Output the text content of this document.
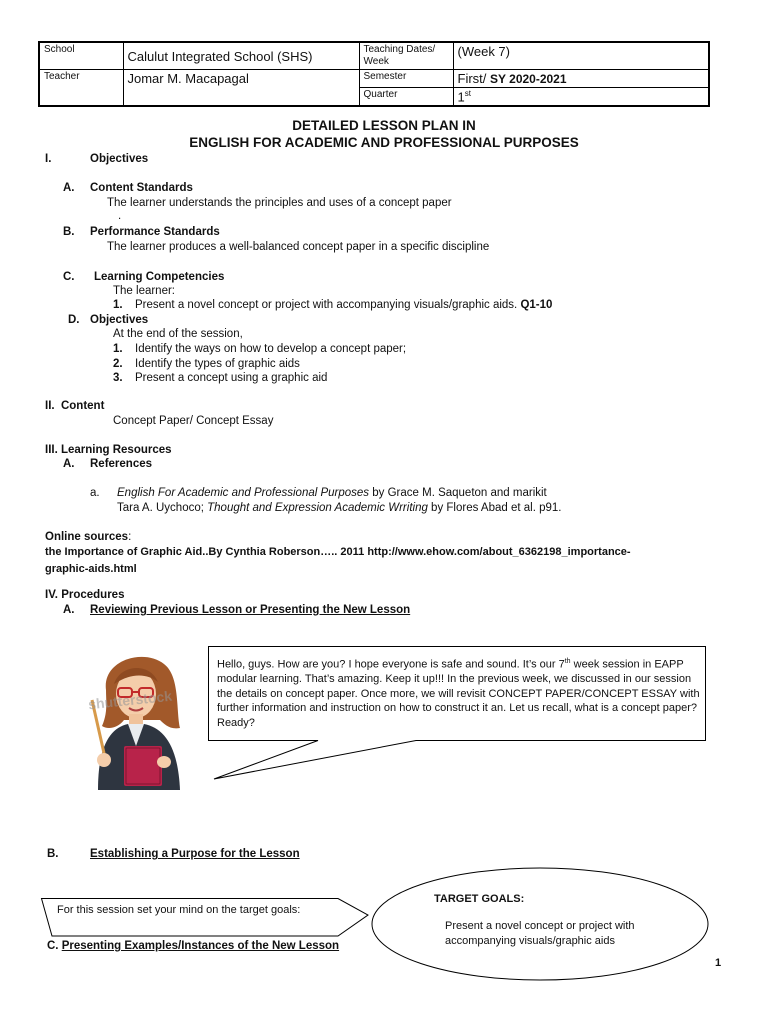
School	Calulut Integrated School (SHS)	Teaching Dates/ Week	(Week 7)
Teacher	Jomar M. Macapagal	Semester	First/ SY 2020-2021
		Quarter	1st
DETAILED LESSON PLAN IN
ENGLISH FOR ACADEMIC AND PROFESSIONAL PURPOSES
I.	Objectives
A. Content Standards
The learner understands the principles and uses of a concept paper
.
B. Performance Standards
The learner produces a well-balanced concept paper in a specific discipline
C. Learning Competencies
The learner:
1. Present a novel concept or project with accompanying visuals/graphic aids. Q1-10
D. Objectives
At the end of the session,
1. Identify the ways on how to develop a concept paper;
2. Identify the types of graphic aids
3. Present a concept using a graphic aid
II.  Content
Concept Paper/ Concept Essay
III. Learning Resources
A. References
a. English For Academic and Professional Purposes by Grace M. Saqueton and marikit
Tara A. Uychoco; Thought and Expression Academic Wrriting by Flores Abad et al. p91.
Online sources:
the Importance of Graphic Aid..By Cynthia Roberson….. 2011 http://www.ehow.com/about_6362198_importance-
graphic-aids.html
IV. Procedures
A. Reviewing Previous Lesson or Presenting the New Lesson
shutterstock
Hello, guys. How are you? I hope everyone is safe and sound. It’s our 7th week session in EAPP modular learning. That’s amazing. Keep it up!!! In the previous week, we discussed in our session the details on concept paper. Once more, we will revisit CONCEPT PAPER/CONCEPT ESSAY with further information and instruction on how to construct it an. Let us recall, what is a concept paper? Ready?
B.	Establishing a Purpose for the Lesson
For this session set your mind on the target goals:
TARGET GOALS:
Present a novel concept or project with accompanying visuals/graphic aids
C. Presenting Examples/Instances of the New Lesson
1
